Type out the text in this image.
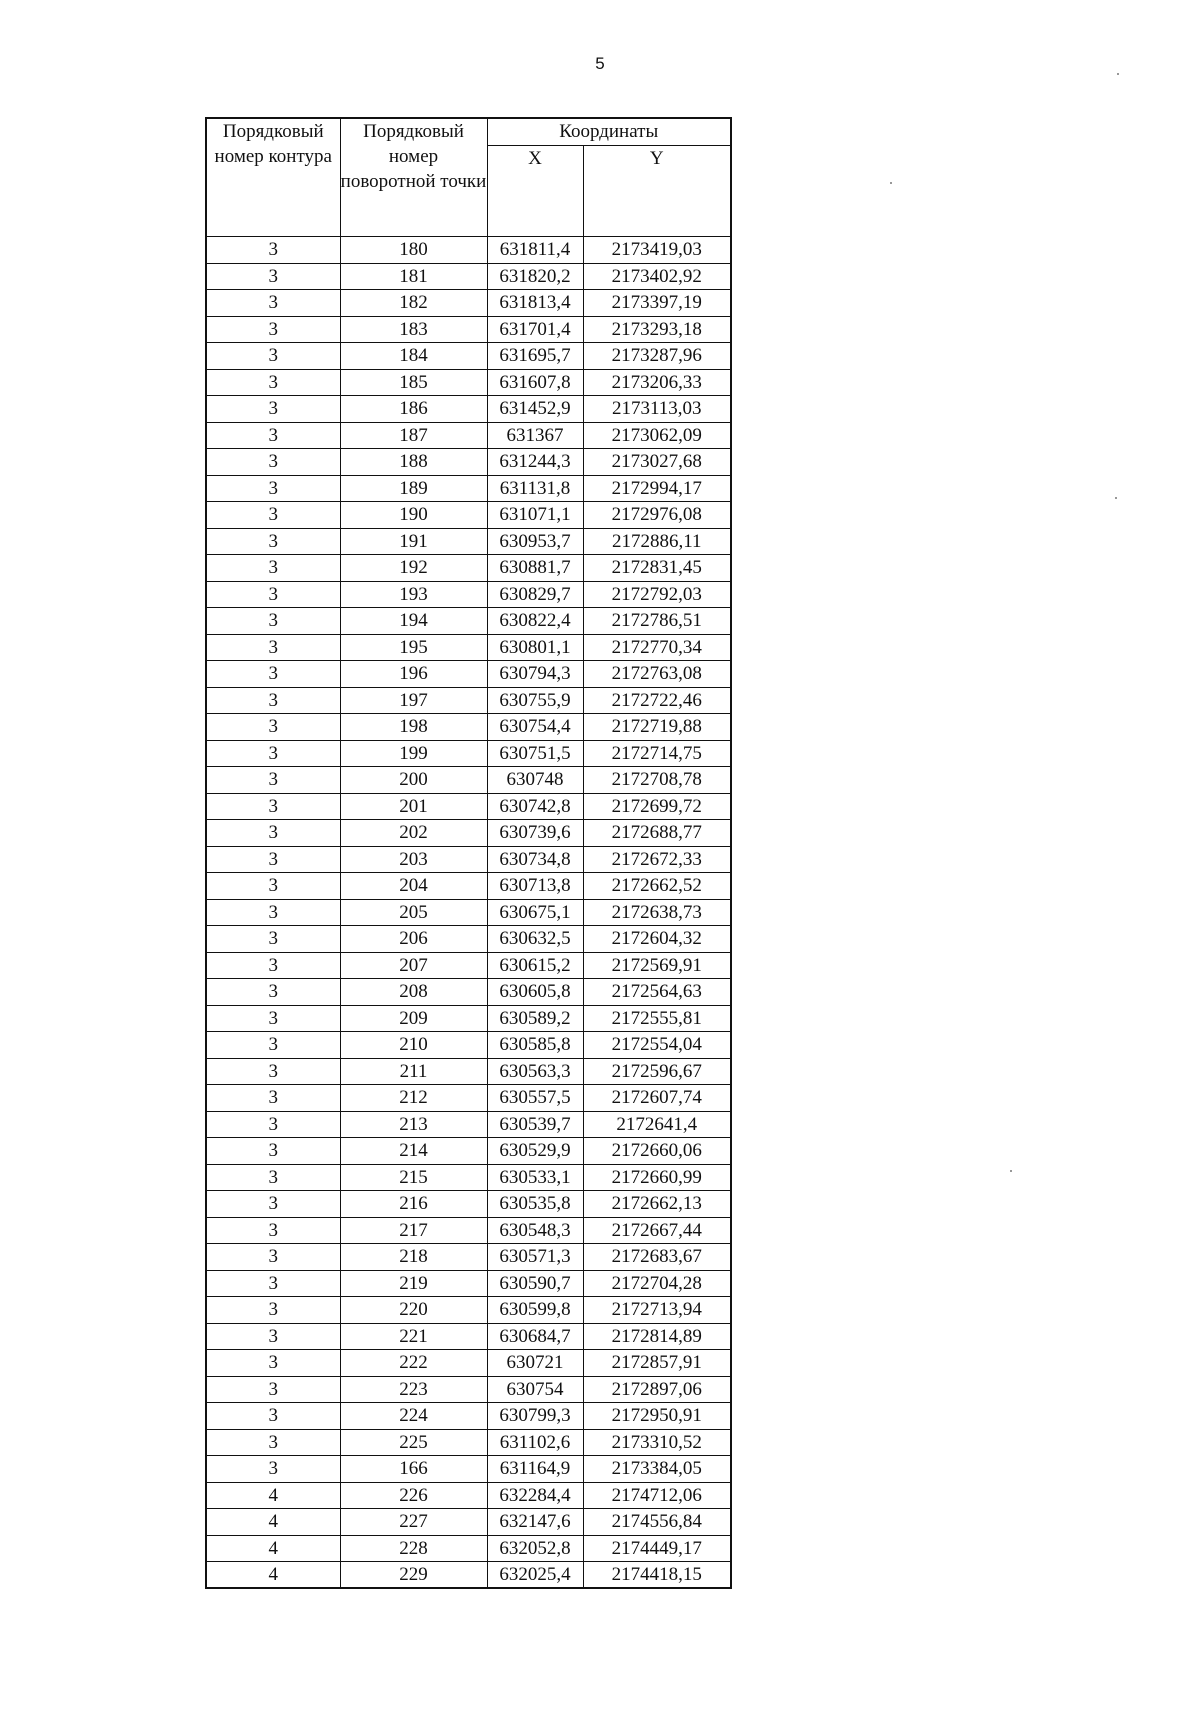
5
Порядковый номер контура	Порядковый номер поворотной точки	Координаты	
		X	Y
3	180	631811,4	2173419,03
3	181	631820,2	2173402,92
3	182	631813,4	2173397,19
3	183	631701,4	2173293,18
3	184	631695,7	2173287,96
3	185	631607,8	2173206,33
3	186	631452,9	2173113,03
3	187	631367	2173062,09
3	188	631244,3	2173027,68
3	189	631131,8	2172994,17
3	190	631071,1	2172976,08
3	191	630953,7	2172886,11
3	192	630881,7	2172831,45
3	193	630829,7	2172792,03
3	194	630822,4	2172786,51
3	195	630801,1	2172770,34
3	196	630794,3	2172763,08
3	197	630755,9	2172722,46
3	198	630754,4	2172719,88
3	199	630751,5	2172714,75
3	200	630748	2172708,78
3	201	630742,8	2172699,72
3	202	630739,6	2172688,77
3	203	630734,8	2172672,33
3	204	630713,8	2172662,52
3	205	630675,1	2172638,73
3	206	630632,5	2172604,32
3	207	630615,2	2172569,91
3	208	630605,8	2172564,63
3	209	630589,2	2172555,81
3	210	630585,8	2172554,04
3	211	630563,3	2172596,67
3	212	630557,5	2172607,74
3	213	630539,7	2172641,4
3	214	630529,9	2172660,06
3	215	630533,1	2172660,99
3	216	630535,8	2172662,13
3	217	630548,3	2172667,44
3	218	630571,3	2172683,67
3	219	630590,7	2172704,28
3	220	630599,8	2172713,94
3	221	630684,7	2172814,89
3	222	630721	2172857,91
3	223	630754	2172897,06
3	224	630799,3	2172950,91
3	225	631102,6	2173310,52
3	166	631164,9	2173384,05
4	226	632284,4	2174712,06
4	227	632147,6	2174556,84
4	228	632052,8	2174449,17
4	229	632025,4	2174418,15
